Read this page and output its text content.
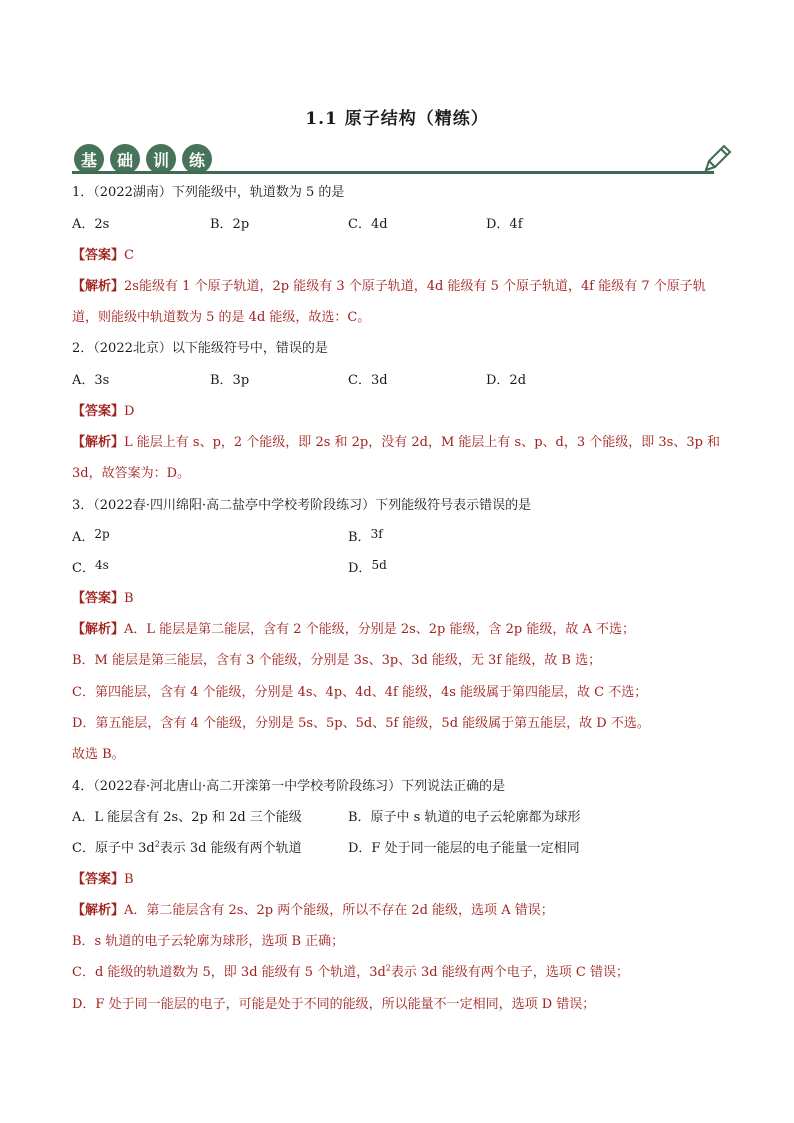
1.1 原子结构（精练）
基	础	训	练
1．（2022湖南）下列能级中，轨道数为 5 的是
A．2s	B．2p	C．4d	D．4f
【答案】C
【解析】2s能级有 1 个原子轨道，2p 能级有 3 个原子轨道，4d 能级有 5 个原子轨道，4f 能级有 7 个原子轨
道，则能级中轨道数为 5 的是 4d 能级，故选：C。
2．（2022北京）以下能级符号中，错误的是
A．3s	B．3p	C．3d	D．2d
【答案】D
【解析】L 能层上有 s、p，2 个能级，即 2s 和 2p，没有 2d，M 能层上有 s、p、d，3 个能级，即 3s、3p 和
3d，故答案为：D。
3．（2022春·四川绵阳·高二盐亭中学校考阶段练习）下列能级符号表示错误的是
A．2p	B．3f
C．4s	D．5d
【答案】B
【解析】A．L 能层是第二能层，含有 2 个能级，分别是 2s、2p 能级，含 2p 能级，故 A 不选；
B．M 能层是第三能层，含有 3 个能级，分别是 3s、3p、3d 能级，无 3f 能级，故 B 选；
C．第四能层，含有 4 个能级，分别是 4s、4p、4d、4f 能级，4s 能级属于第四能层，故 C 不选；
D．第五能层，含有 4 个能级，分别是 5s、5p、5d、5f 能级，5d 能级属于第五能层，故 D 不选。
故选 B。
4．（2022春·河北唐山·高二开滦第一中学校考阶段练习）下列说法正确的是
A．L 能层含有 2s、2p 和 2d 三个能级	B．原子中 s 轨道的电子云轮廓都为球形
C．原子中 $3d^2$表示 3d 能级有两个轨道	D．F 处于同一能层的电子能量一定相同
【答案】B
【解析】A．第二能层含有 2s、2p 两个能级，所以不存在 2d 能级，选项 A 错误；
B．s 轨道的电子云轮廓为球形，选项 B 正确；
C．d 能级的轨道数为 5，即 3d 能级有 5 个轨道，$3d^2$表示 3d 能级有两个电子，选项 C 错误；
D．F 处于同一能层的电子，可能是处于不同的能级，所以能量不一定相同，选项 D 错误；
